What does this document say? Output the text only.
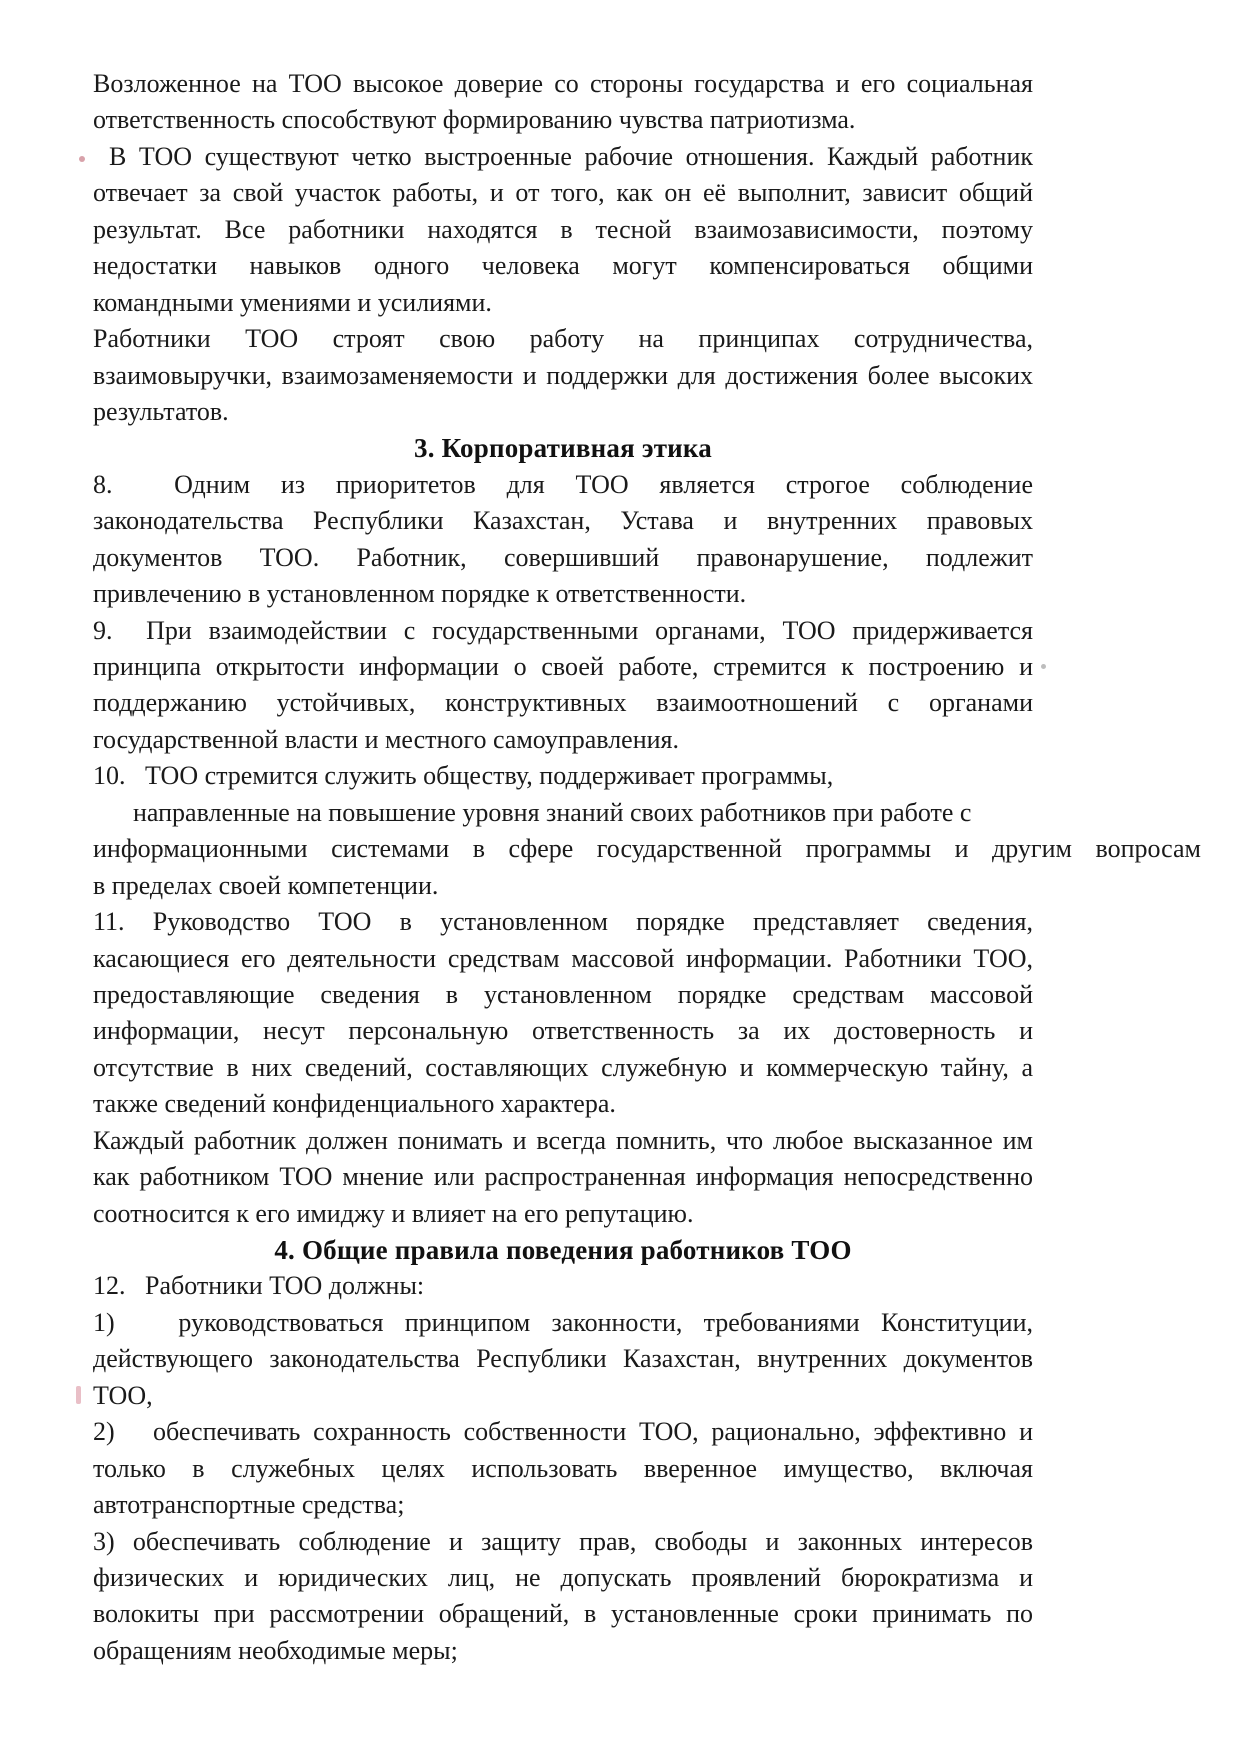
Возложенное на ТОО высокое доверие со стороны государства и его социальная
ответственность способствуют формированию чувства патриотизма.
В ТОО существуют четко выстроенные рабочие отношения. Каждый работник
отвечает за свой участок работы, и от того, как он её выполнит, зависит общий
результат. Все работники находятся в тесной взаимозависимости, поэтому
недостатки навыков одного человека могут компенсироваться общими
командными умениями и усилиями.
Работники ТОО строят свою работу на принципах сотрудничества,
взаимовыручки, взаимозаменяемости и поддержки для достижения более высоких
результатов.
3. Корпоративная этика
8.  Одним из приоритетов для ТОО является строгое соблюдение
законодательства Республики Казахстан, Устава и внутренних правовых
документов ТОО. Работник, совершивший правонарушение, подлежит
привлечению в установленном порядке к ответственности.
9.  При взаимодействии с государственными органами, ТОО придерживается
принципа открытости информации о своей работе, стремится к построению и
поддержанию устойчивых, конструктивных взаимоотношений с органами
государственной власти и местного самоуправления.
10.   ТОО стремится служить обществу, поддерживает программы,
направленные на повышение уровня знаний своих работников при работе с
информационными системами в сфере государственной программы и другим вопросам
в пределах своей компетенции.
11. Руководство ТОО в установленном порядке представляет сведения,
касающиеся его деятельности средствам массовой информации. Работники ТОО,
предоставляющие сведения в установленном порядке средствам массовой
информации, несут персональную ответственность за их достоверность и
отсутствие в них сведений, составляющих служебную и коммерческую тайну, а
также сведений конфиденциального характера.
Каждый работник должен понимать и всегда помнить, что любое высказанное им
как работником ТОО мнение или распространенная информация непосредственно
соотносится к его имиджу и влияет на его репутацию.
4. Общие правила поведения работников ТОО
12.   Работники ТОО должны:
1)   руководствоваться принципом законности, требованиями Конституции,
действующего законодательства Республики Казахстан, внутренних документов
ТОО,
2)   обеспечивать сохранность собственности ТОО, рационально, эффективно и
только в служебных целях использовать вверенное имущество, включая
автотранспортные средства;
3) обеспечивать соблюдение и защиту прав, свободы и законных интересов
физических и юридических лиц, не допускать проявлений бюрократизма и
волокиты при рассмотрении обращений, в установленные сроки принимать по
обращениям необходимые меры;
